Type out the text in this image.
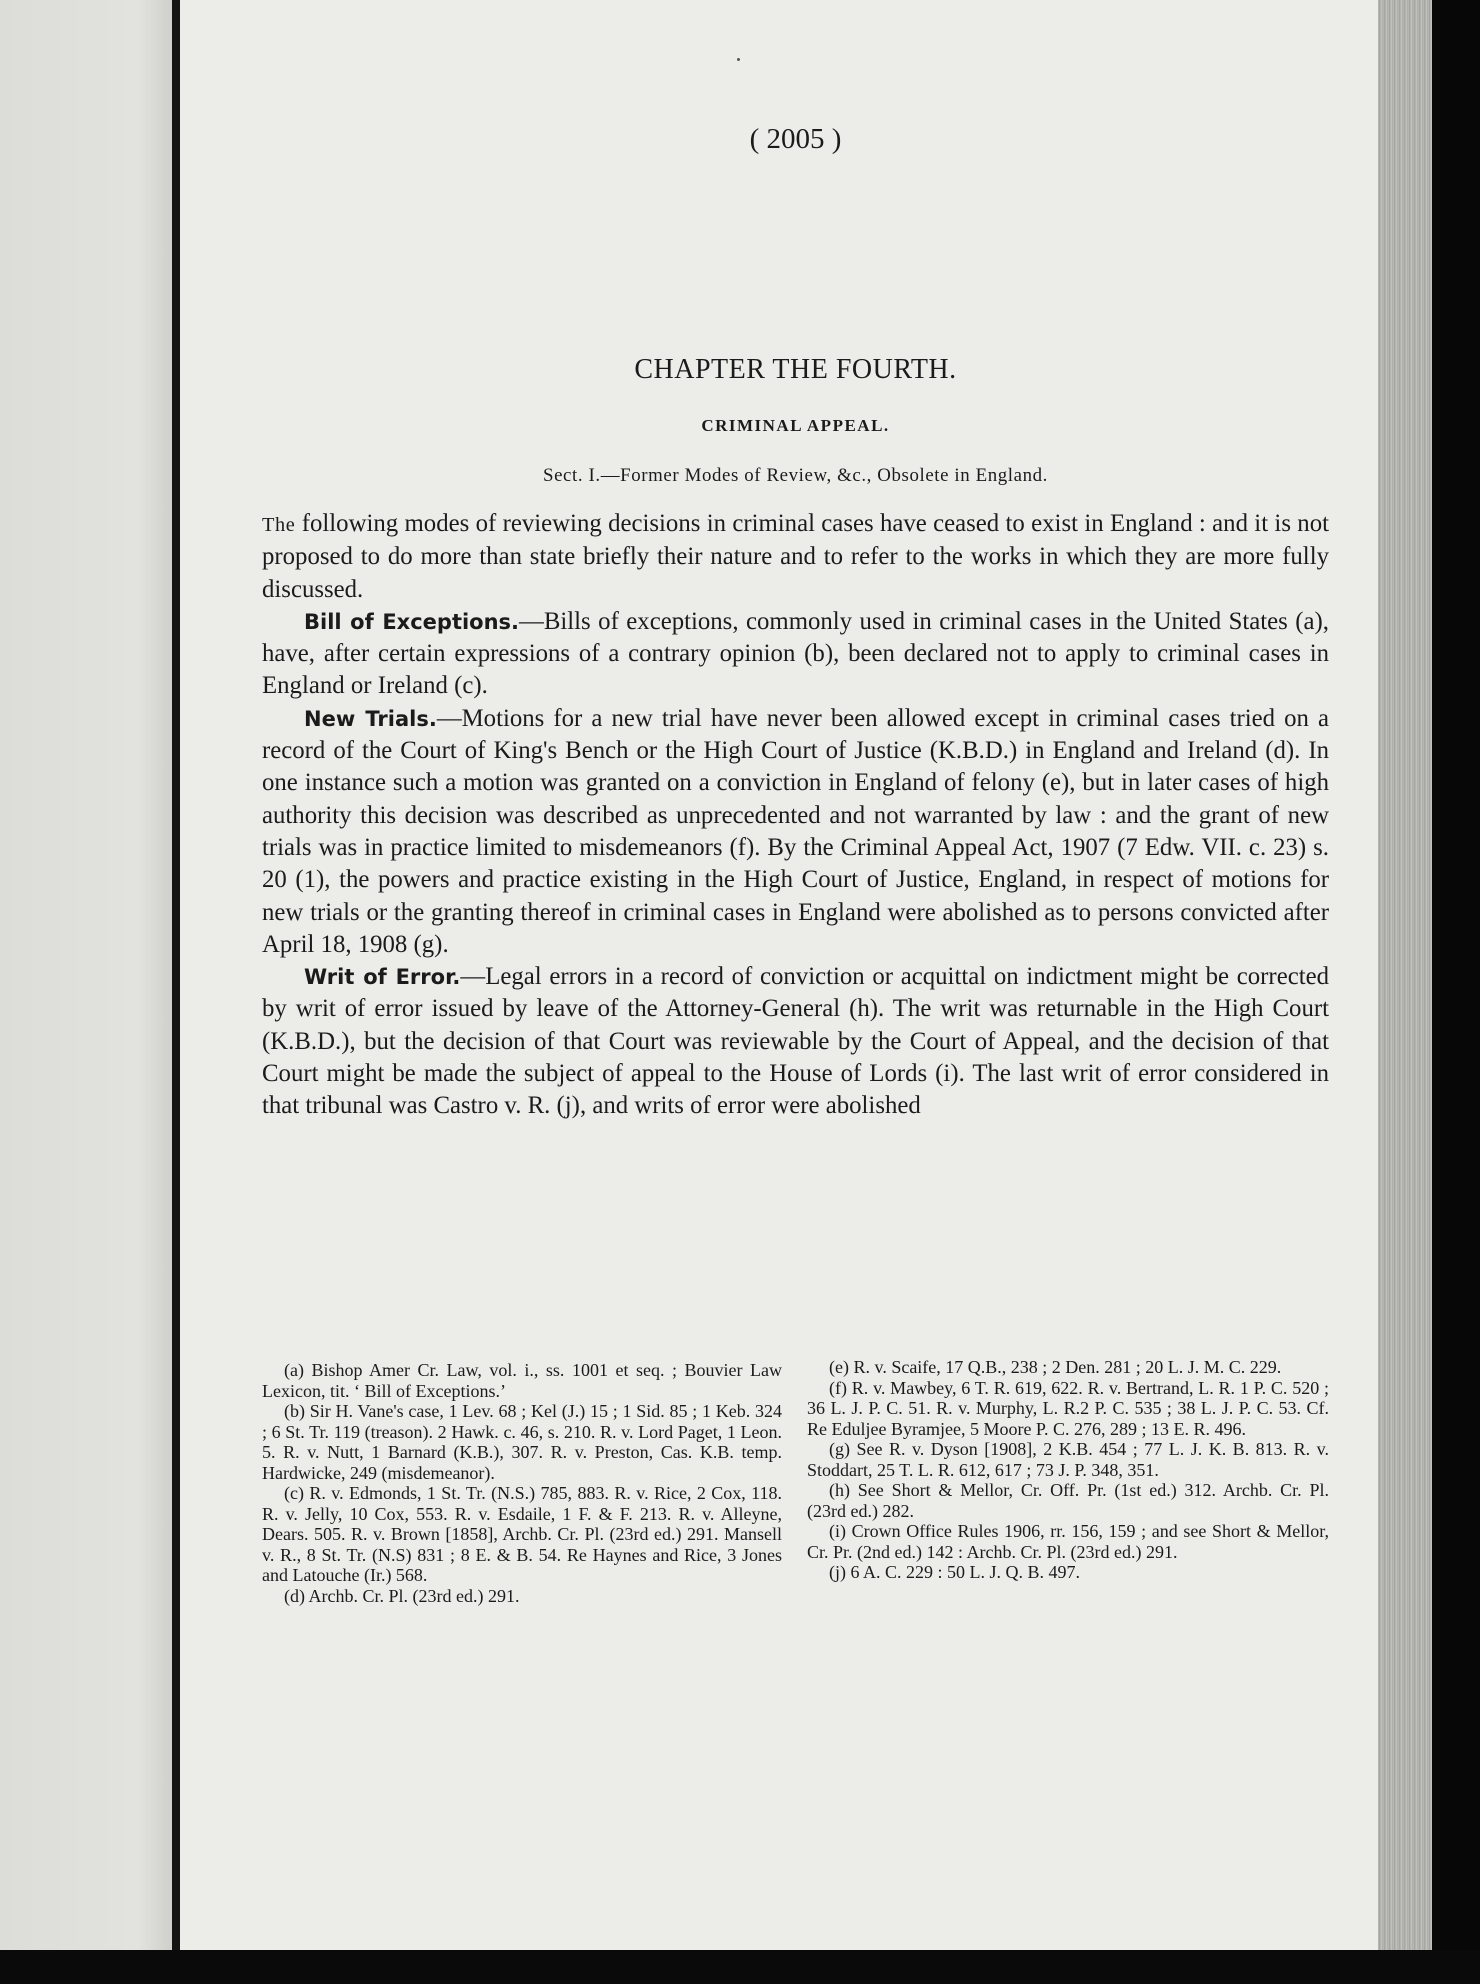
( 2005 )
CHAPTER THE FOURTH.
CRIMINAL APPEAL.
Sect. I.—Former Modes of Review, &c., Obsolete in England.

The following modes of reviewing decisions in criminal cases have ceased to exist in England : and it is not proposed to do more than state briefly their nature and to refer to the works in which they are more fully discussed.

Bill of Exceptions.—Bills of exceptions, commonly used in criminal cases in the United States (a), have, after certain expressions of a contrary opinion (b), been declared not to apply to criminal cases in England or Ireland (c).

New Trials.—Motions for a new trial have never been allowed except in criminal cases tried on a record of the Court of King's Bench or the High Court of Justice (K.B.D.) in England and Ireland (d). In one instance such a motion was granted on a conviction in England of felony (e), but in later cases of high authority this decision was described as unprecedented and not warranted by law : and the grant of new trials was in practice limited to misdemeanors (f). By the Criminal Appeal Act, 1907 (7 Edw. VII. c. 23) s. 20 (1), the powers and practice existing in the High Court of Justice, England, in respect of motions for new trials or the granting thereof in criminal cases in England were abolished as to persons convicted after April 18, 1908 (g).

Writ of Error.—Legal errors in a record of conviction or acquittal on indictment might be corrected by writ of error issued by leave of the Attorney-General (h). The writ was returnable in the High Court (K.B.D.), but the decision of that Court was reviewable by the Court of Appeal, and the decision of that Court might be made the subject of appeal to the House of Lords (i). The last writ of error considered in that tribunal was Castro v. R. (j), and writs of error were abolished

(a) Bishop Amer Cr. Law, vol. i., ss. 1001 et seq. ; Bouvier Law Lexicon, tit. ‘ Bill of Exceptions.’

(b) Sir H. Vane's case, 1 Lev. 68 ; Kel (J.) 15 ; 1 Sid. 85 ; 1 Keb. 324 ; 6 St. Tr. 119 (treason). 2 Hawk. c. 46, s. 210. R. v. Lord Paget, 1 Leon. 5. R. v. Nutt, 1 Barnard (K.B.), 307. R. v. Preston, Cas. K.B. temp. Hardwicke, 249 (misdemeanor).

(c) R. v. Edmonds, 1 St. Tr. (N.S.) 785, 883. R. v. Rice, 2 Cox, 118. R. v. Jelly, 10 Cox, 553. R. v. Esdaile, 1 F. & F. 213. R. v. Alleyne, Dears. 505. R. v. Brown [1858], Archb. Cr. Pl. (23rd ed.) 291. Mansell v. R., 8 St. Tr. (N.S) 831 ; 8 E. & B. 54. Re Haynes and Rice, 3 Jones and Latouche (Ir.) 568.

(d) Archb. Cr. Pl. (23rd ed.) 291.

(e) R. v. Scaife, 17 Q.B., 238 ; 2 Den. 281 ; 20 L. J. M. C. 229.

(f) R. v. Mawbey, 6 T. R. 619, 622. R. v. Bertrand, L. R. 1 P. C. 520 ; 36 L. J. P. C. 51. R. v. Murphy, L. R.2 P. C. 535 ; 38 L. J. P. C. 53. Cf. Re Eduljee Byramjee, 5 Moore P. C. 276, 289 ; 13 E. R. 496.

(g) See R. v. Dyson [1908], 2 K.B. 454 ; 77 L. J. K. B. 813. R. v. Stoddart, 25 T. L. R. 612, 617 ; 73 J. P. 348, 351.

(h) See Short & Mellor, Cr. Off. Pr. (1st ed.) 312. Archb. Cr. Pl. (23rd ed.) 282.

(i) Crown Office Rules 1906, rr. 156, 159 ; and see Short & Mellor, Cr. Pr. (2nd ed.) 142 : Archb. Cr. Pl. (23rd ed.) 291.

(j) 6 A. C. 229 : 50 L. J. Q. B. 497.
